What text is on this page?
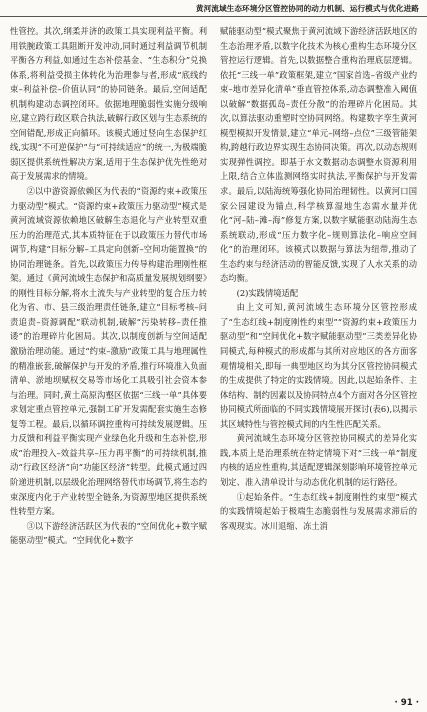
黄河流域生态环境分区管控协同的动力机制、运行模式与优化进路

性管控。其次,纲柔并济的政策工具实现利益平衡。利用铁腕政策工具阻断开发冲动,同时通过利益调节机制平衡各方利益,如通过生态补偿基金、“生态积分”兑换体系,将利益受损主体转化为治理参与者,形成“底线约束–利益补偿–价值认同”的协同链条。最后,空间适配机制构建动态调控闭环。依据地理脆弱性实施分级响应,建立跨行政区联合执法,破解行政区划与生态系统的空间错配,形成正向循环。该模式通过竖向生态保护红线,实现“不可逆保护”与“可持续适应”的统一,为极端脆弱区提供系统性解决方案,适用于生态保护优先性绝对高于发展需求的情境。

②以中游资源依赖区为代表的“资源约束+政策压力驱动型”模式。“资源约束+政策压力驱动型”模式是黄河流域资源依赖地区破解生态退化与产业转型双重压力的治理范式,其本质特征在于以政策压力替代市场调节,构建“目标分解–工具定向创新–空间功能置换”的协同治理链条。首先,以政策压力传导构建治理刚性框架。通过《黄河流域生态保护和高质量发展规划纲要》的刚性目标分解,将水土流失与产业转型的复合压力转化为省、市、县三级治理责任链条,建立“目标考核–问责追责–资源调配”联动机制,破解“污染转移–责任推诿”的治理碎片化困局。其次,以制度创新与空间适配激励治理动能。通过“约束–激励”政策工具与地理属性的精准嵌套,破解保护与开发的矛盾,推行环境准入负面清单、淤地坝赋权交易等市场化工具吸引社会资本参与治理。同时,黄土高原沟壑区依据“三线一单”具体要求划定重点管控单元,强制工矿开发需配套实施生态修复等工程。最后,以循环调控重构可持续发展逻辑。压力反馈和利益平衡实现产业绿色化升级和生态补偿,形成“治理投入–效益共享–压力再平衡”的可持续机制,推动“行政区经济”向“功能区经济”转型。此模式通过四阶递进机制,以层级化治理网络替代市场调节,将生态约束深度内化于产业转型全链条,为资源型地区提供系统性转型方案。

③以下游经济活跃区为代表的“空间优化+数字赋能驱动型”模式。“空间优化+数字

赋能驱动型”模式聚焦于黄河流域下游经济活跃地区的生态治理矛盾,以数字化技术为核心重构生态环境分区管控运行逻辑。首先,以数据整合重构治理底层逻辑。依托“三线一单”政策框架,建立“国家首选–省级产业约束–地市差异化清单”垂直管控体系,动态调整准入阈值以破解“数据孤岛–责任分散”的治理碎片化困局。其次,以算法驱动重塑时空协同网络。构建数字孪生黄河模型模拟开发情景,建立“单元–网络–点位”三级管能架构,跨越行政边界实现生态协同决策。再次,以动态规则实现弹性调控。即基于水文数据动态调整水资源利用上限,结合立体监测网络实时执法,平衡保护与开发需求。最后,以陆海统筹强化协同治理韧性。以黄河口国家公园建设为锚点,科学核算湿地生态需水量并优化“河–陆–滩–海”修复方案,以数字赋能驱动陆海生态系统联动,形成“压力数字化–规则算法化–响应空间化”的治理闭环。该模式以数据与算法为纽带,推动了生态约束与经济活动的智能反馈,实现了人水关系的动态均衡。

(2)实践情境适配

由上文可知,黄河流域生态环境分区管控形成了“生态红线+制度刚性约束型”“资源约束+政策压力驱动型”和“空间优化+数字赋能驱动型”三类差异化协同模式,每种模式的形成都与其所对应地区的各方面客观情境相关,即每一典型地区均为其分区管控协同模式的生成提供了特定的实践情境。因此,以起始条件、主体结构、制约因素以及协同特点4个方面对各分区管控协同模式所面临的不同实践情境展开探讨(表6),以揭示其区域特性与管控模式间的内生性匹配关系。

黄河流域生态环境分区管控协同模式的差异化实践,本质上是治理系统在特定情境下对“三线一单”制度内核的适应性重构,其适配逻辑深刻影响环境管控单元划定、准入清单设计与动态优化机制的运行路径。

①起始条件。“生态红线+制度刚性约束型”模式的实践情境起始于极端生态脆弱性与发展需求滞后的客观现实。冰川退缩、冻土消

· 91 ·
